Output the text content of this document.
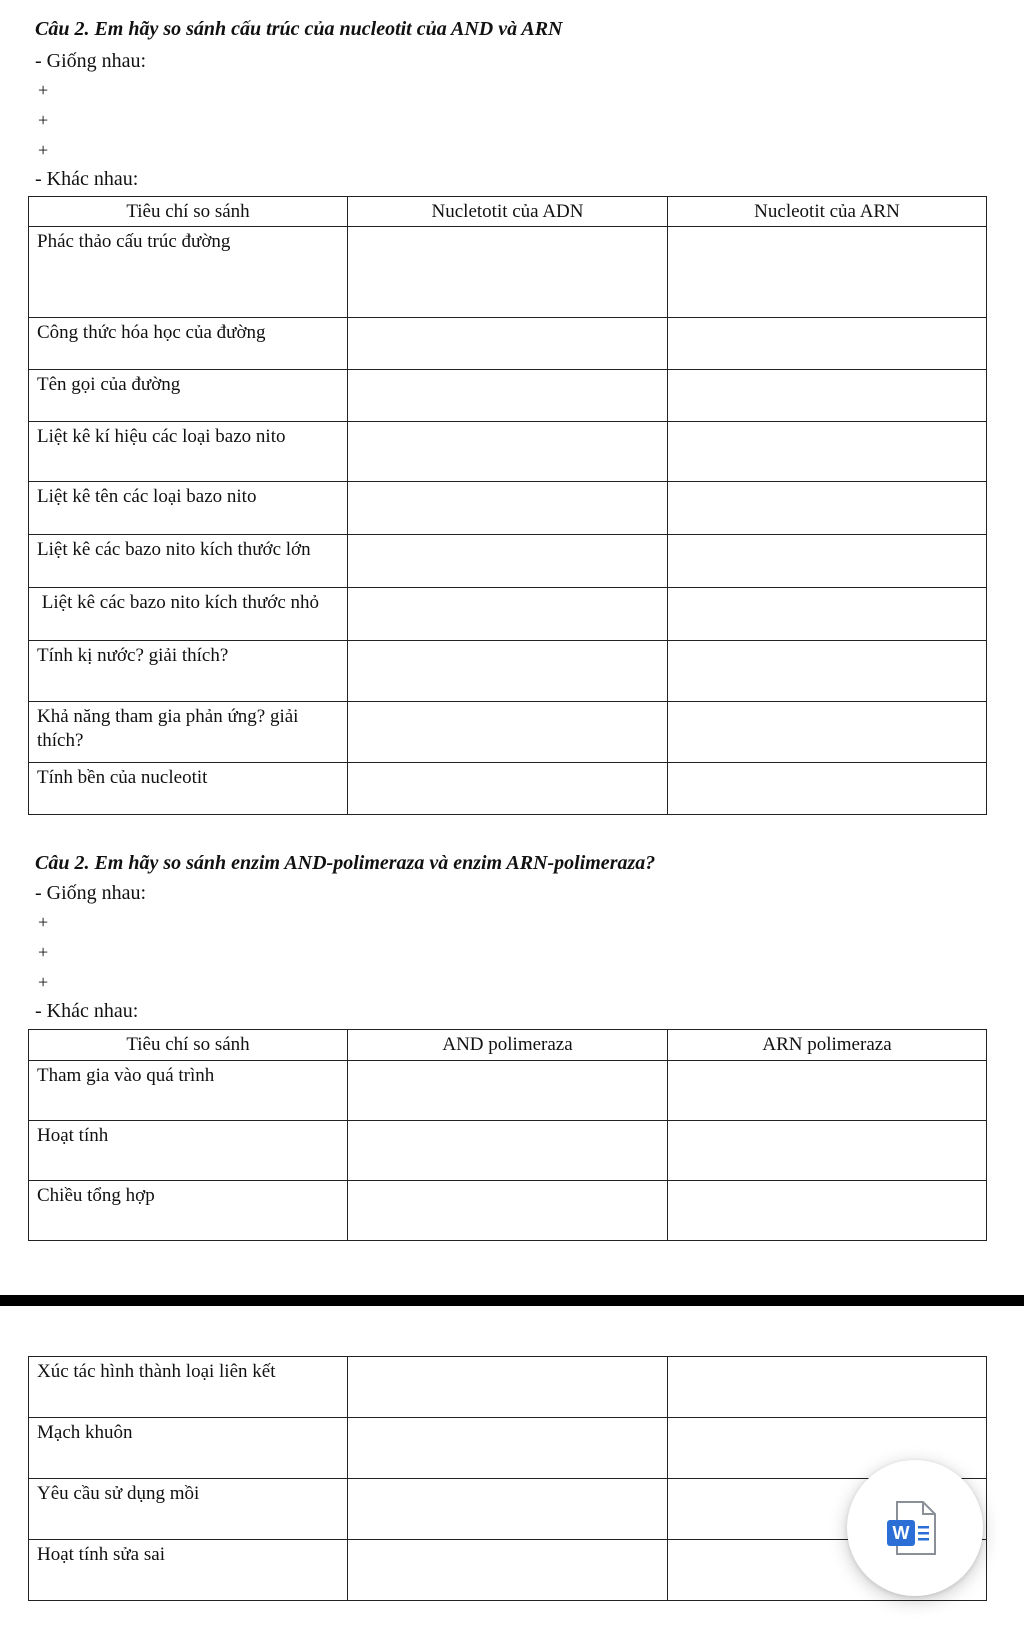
Câu 2. Em hãy so sánh cấu trúc của nucleotit của AND và ARN
- Giống nhau:
+
+
+
- Khác nhau:
Tiêu chí so sánh	Nucletotit của ADN	Nucleotit của ARN
Phác thảo cấu trúc đường		
Công thức hóa học của đường		
Tên gọi của đường		
Liệt kê kí hiệu các loại bazo nito		
Liệt kê tên các loại bazo nito		
Liệt kê các bazo nito kích thước lớn		
Liệt kê các bazo nito kích thước nhỏ		
Tính kị nước? giải thích?		
Khả năng tham gia phản ứng? giải thích?		
Tính bền của nucleotit		
Câu 2. Em hãy so sánh enzim AND-polimeraza và enzim ARN-polimeraza?
- Giống nhau:
+
+
+
- Khác nhau:
Tiêu chí so sánh	AND polimeraza	ARN polimeraza
Tham gia vào quá trình		
Hoạt tính		
Chiều tổng hợp		
Xúc tác hình thành loại liên kết		
Mạch khuôn		
Yêu cầu sử dụng mồi		
Hoạt tính sửa sai		
W
